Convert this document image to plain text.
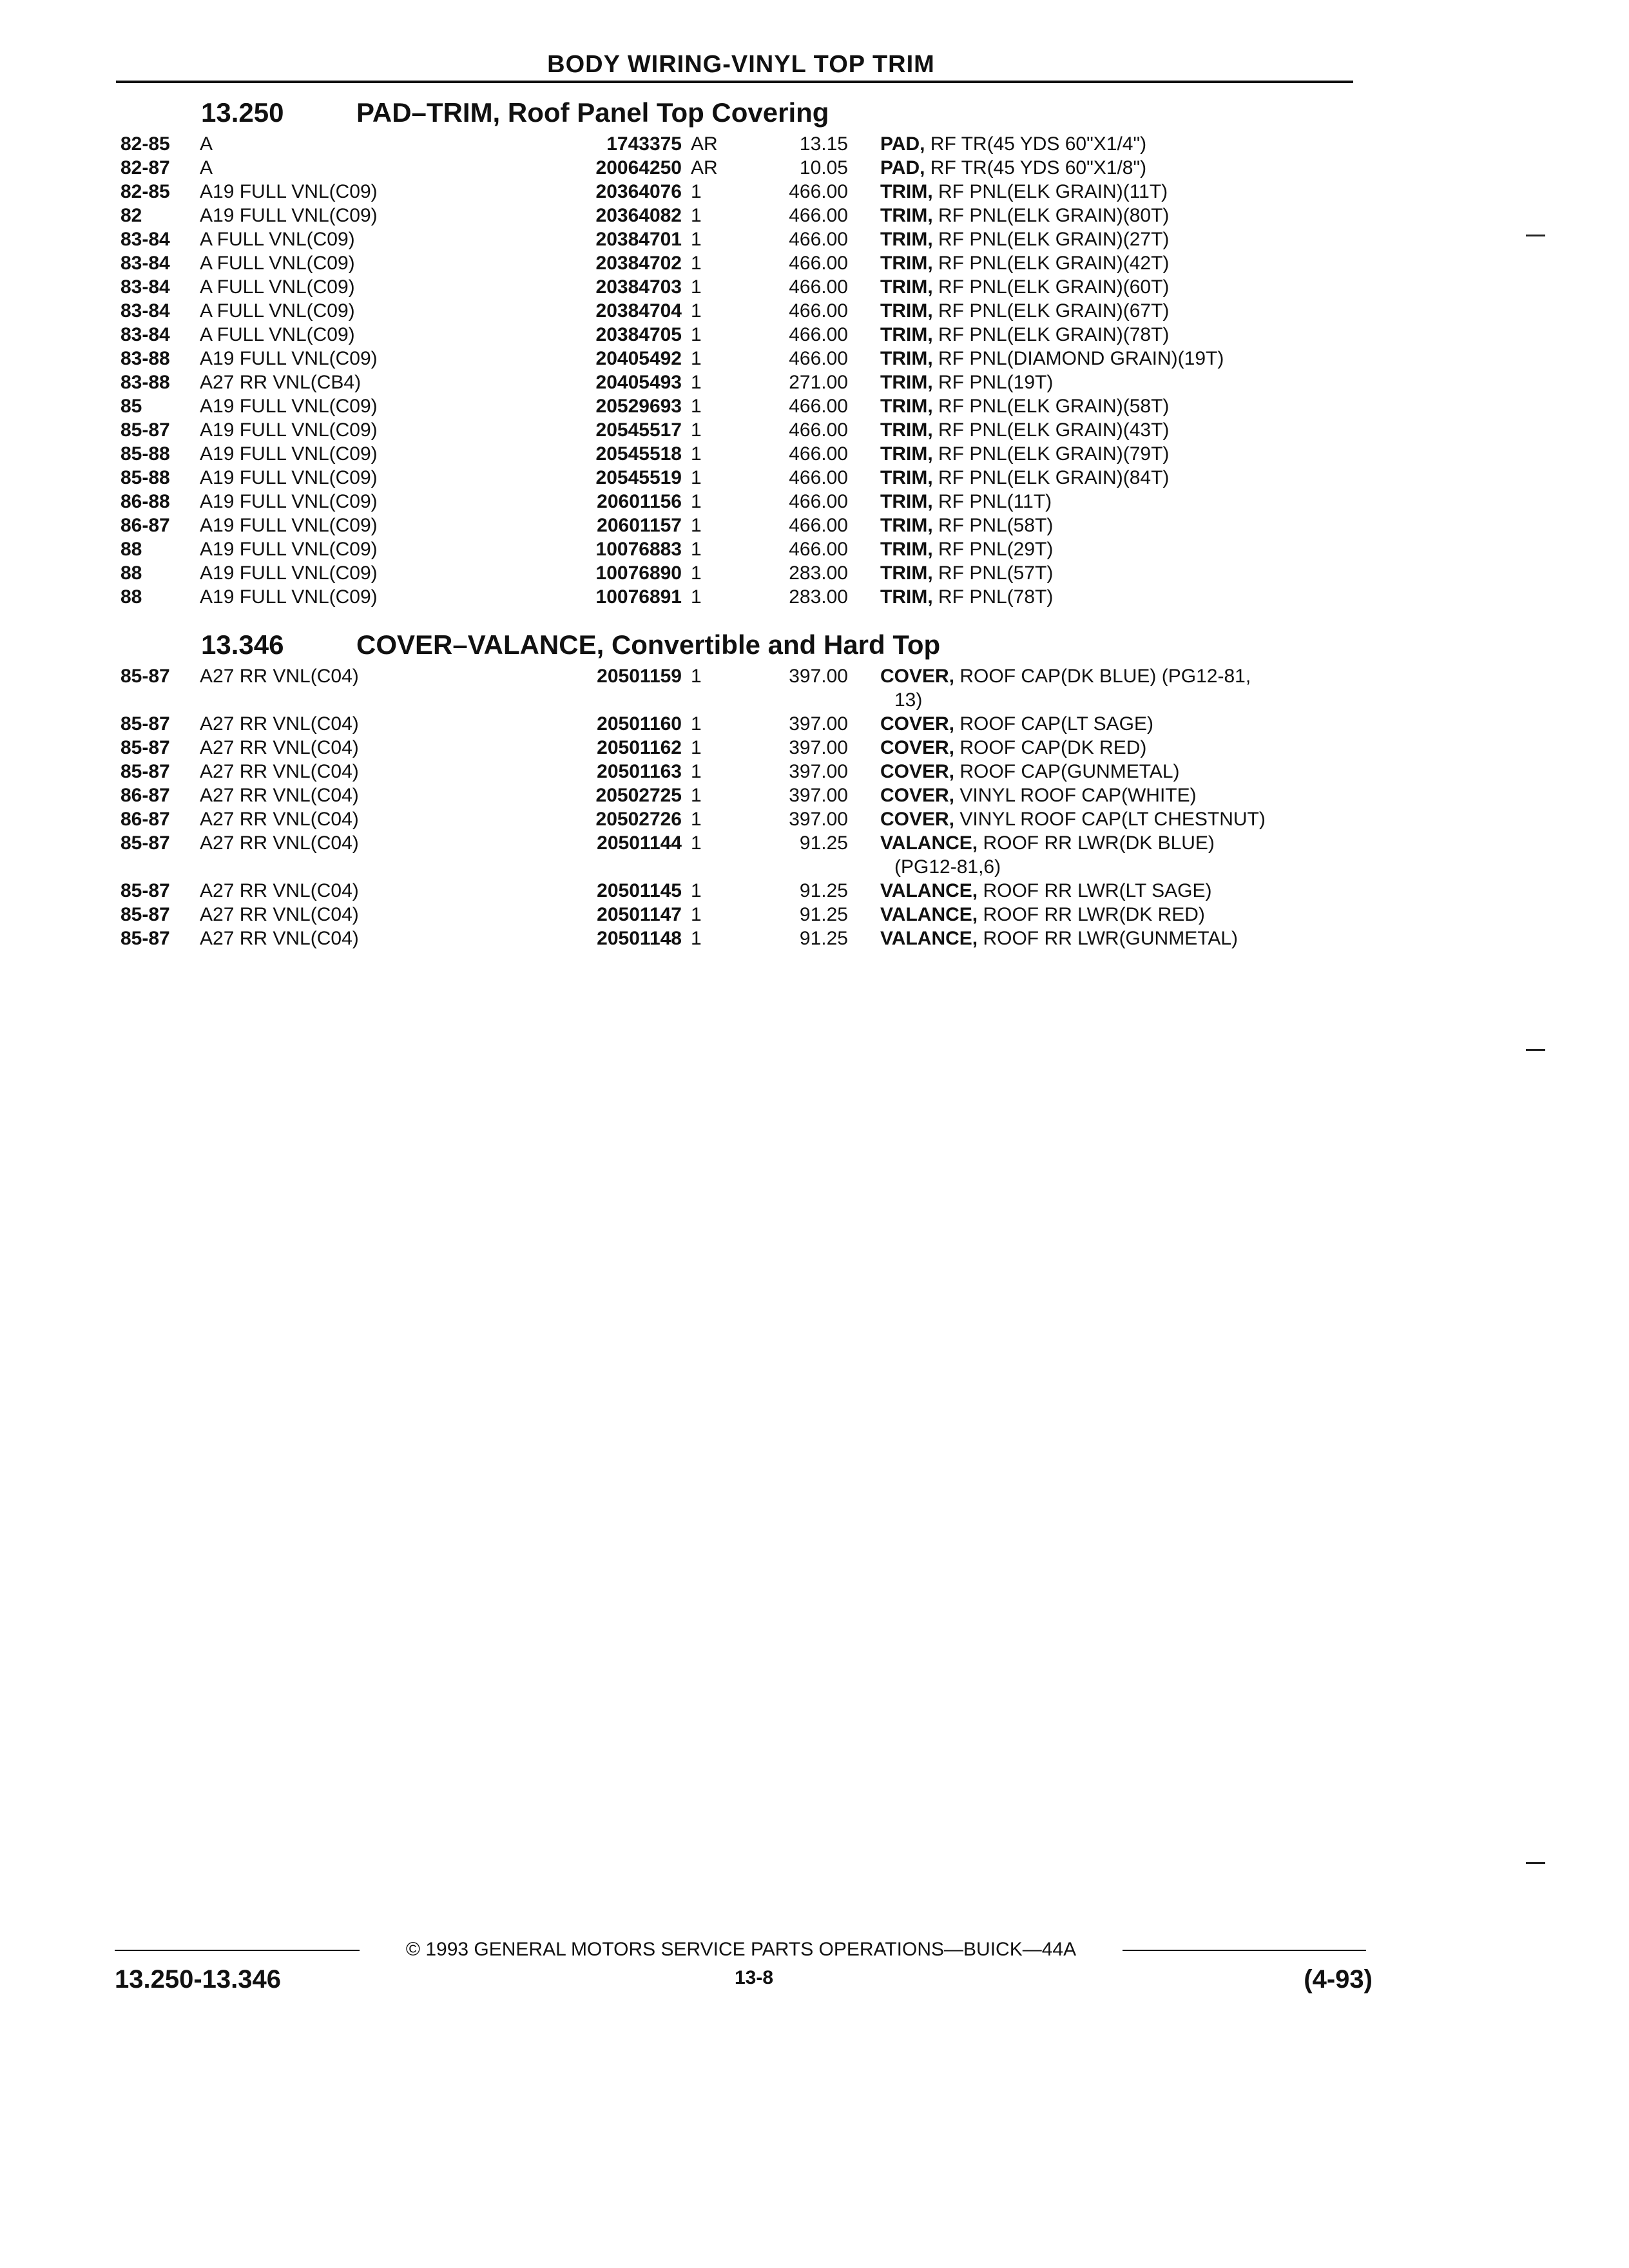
BODY WIRING-VINYL TOP TRIM
13.250	PAD–TRIM, Roof Panel Top Covering
82-85	A	1743375 AR	13.15 PAD, RF TR(45 YDS 60"X1/4")
82-87	A	20064250 AR	10.05 PAD, RF TR(45 YDS 60"X1/8")
82-85	A19 FULL VNL(C09)	20364076 1	466.00 TRIM, RF PNL(ELK GRAIN)(11T)
82	A19 FULL VNL(C09)	20364082 1	466.00 TRIM, RF PNL(ELK GRAIN)(80T)
83-84	A FULL VNL(C09)	20384701 1	466.00 TRIM, RF PNL(ELK GRAIN)(27T)
83-84	A FULL VNL(C09)	20384702 1	466.00 TRIM, RF PNL(ELK GRAIN)(42T)
83-84	A FULL VNL(C09)	20384703 1	466.00 TRIM, RF PNL(ELK GRAIN)(60T)
83-84	A FULL VNL(C09)	20384704 1	466.00 TRIM, RF PNL(ELK GRAIN)(67T)
83-84	A FULL VNL(C09)	20384705 1	466.00 TRIM, RF PNL(ELK GRAIN)(78T)
83-88	A19 FULL VNL(C09)	20405492 1	466.00 TRIM, RF PNL(DIAMOND GRAIN)(19T)
83-88	A27 RR VNL(CB4)	20405493 1	271.00 TRIM, RF PNL(19T)
85	A19 FULL VNL(C09)	20529693 1	466.00 TRIM, RF PNL(ELK GRAIN)(58T)
85-87	A19 FULL VNL(C09)	20545517 1	466.00 TRIM, RF PNL(ELK GRAIN)(43T)
85-88	A19 FULL VNL(C09)	20545518 1	466.00 TRIM, RF PNL(ELK GRAIN)(79T)
85-88	A19 FULL VNL(C09)	20545519 1	466.00 TRIM, RF PNL(ELK GRAIN)(84T)
86-88	A19 FULL VNL(C09)	20601156 1	466.00 TRIM, RF PNL(11T)
86-87	A19 FULL VNL(C09)	20601157 1	466.00 TRIM, RF PNL(58T)
88	A19 FULL VNL(C09)	10076883 1	466.00 TRIM, RF PNL(29T)
88	A19 FULL VNL(C09)	10076890 1	283.00 TRIM, RF PNL(57T)
88	A19 FULL VNL(C09)	10076891 1	283.00 TRIM, RF PNL(78T)
13.346	COVER–VALANCE, Convertible and Hard Top
85-87	A27 RR VNL(C04)	20501159 1	397.00 COVER, ROOF CAP(DK BLUE) (PG12-81,
13)
85-87	A27 RR VNL(C04)	20501160 1	397.00 COVER, ROOF CAP(LT SAGE)
85-87	A27 RR VNL(C04)	20501162 1	397.00 COVER, ROOF CAP(DK RED)
85-87	A27 RR VNL(C04)	20501163 1	397.00 COVER, ROOF CAP(GUNMETAL)
86-87	A27 RR VNL(C04)	20502725 1	397.00 COVER, VINYL ROOF CAP(WHITE)
86-87	A27 RR VNL(C04)	20502726 1	397.00 COVER, VINYL ROOF CAP(LT CHESTNUT)
85-87	A27 RR VNL(C04)	20501144 1	91.25 VALANCE, ROOF RR LWR(DK BLUE)
(PG12-81,6)
85-87	A27 RR VNL(C04)	20501145 1	91.25 VALANCE, ROOF RR LWR(LT SAGE)
85-87	A27 RR VNL(C04)	20501147 1	91.25 VALANCE, ROOF RR LWR(DK RED)
85-87	A27 RR VNL(C04)	20501148 1	91.25 VALANCE, ROOF RR LWR(GUNMETAL)
© 1993 GENERAL MOTORS SERVICE PARTS OPERATIONS—BUICK—44A
13.250-13.346	13-8	(4-93)
